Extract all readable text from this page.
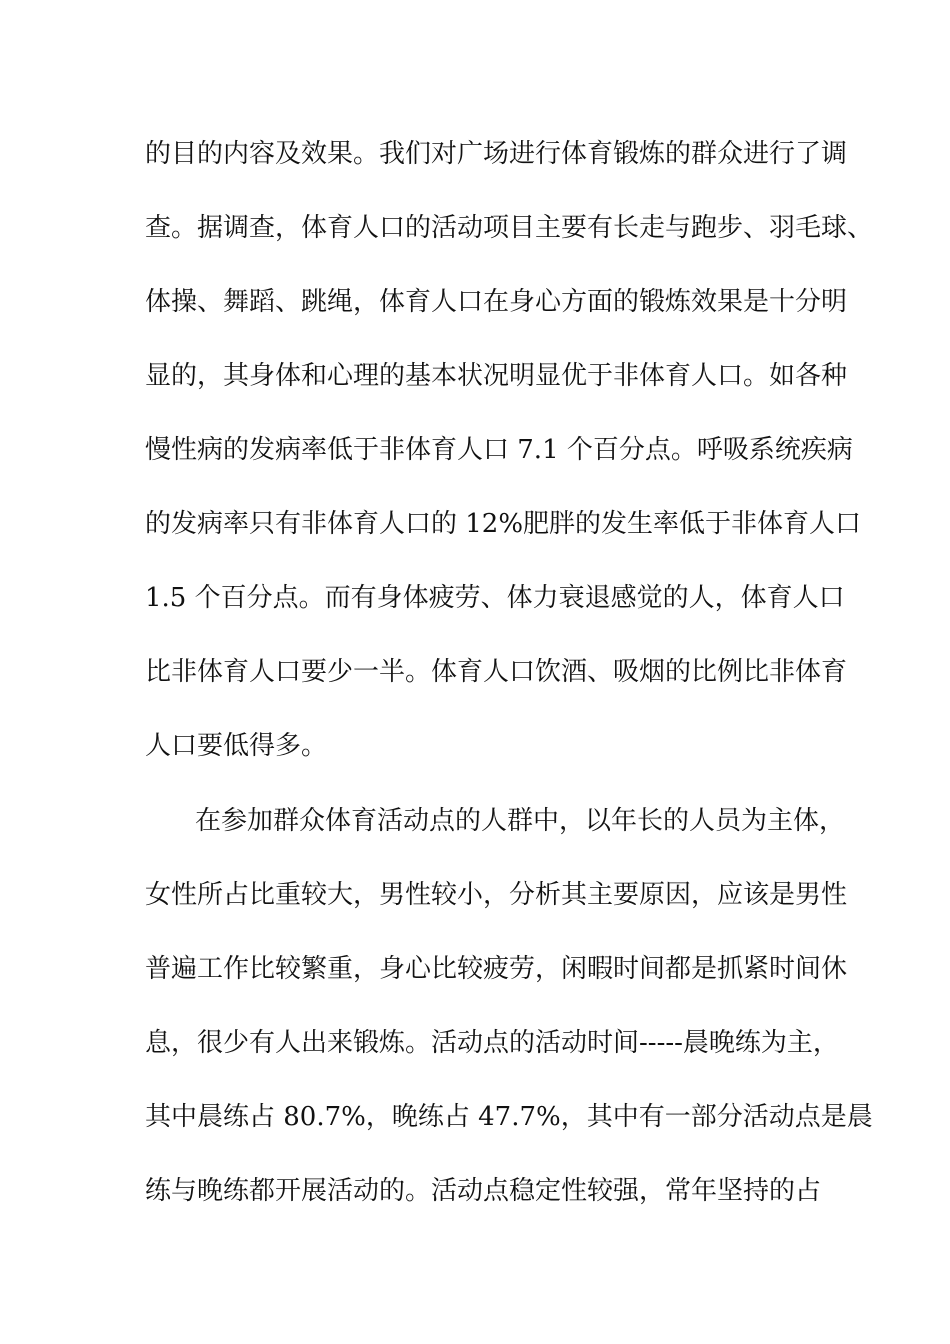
的目的内容及效果。我们对广场进行体育锻炼的群众进行了调
查。据调查，体育人口的活动项目主要有长走与跑步、羽毛球、
体操、舞蹈、跳绳，体育人口在身心方面的锻炼效果是十分明
显的，其身体和心理的基本状况明显优于非体育人口。如各种
慢性病的发病率低于非体育人口 7.1 个百分点。呼吸系统疾病
的发病率只有非体育人口的 12%肥胖的发生率低于非体育人口
1.5 个百分点。而有身体疲劳、体力衰退感觉的人，体育人口
比非体育人口要少一半。体育人口饮酒、吸烟的比例比非体育
人口要低得多。
在参加群众体育活动点的人群中，以年长的人员为主体，
女性所占比重较大，男性较小，分析其主要原因，应该是男性
普遍工作比较繁重，身心比较疲劳，闲暇时间都是抓紧时间休
息，很少有人出来锻炼。活动点的活动时间-----晨晚练为主，
其中晨练占 80.7%，晚练占 47.7%，其中有一部分活动点是晨
练与晚练都开展活动的。活动点稳定性较强，常年坚持的占
